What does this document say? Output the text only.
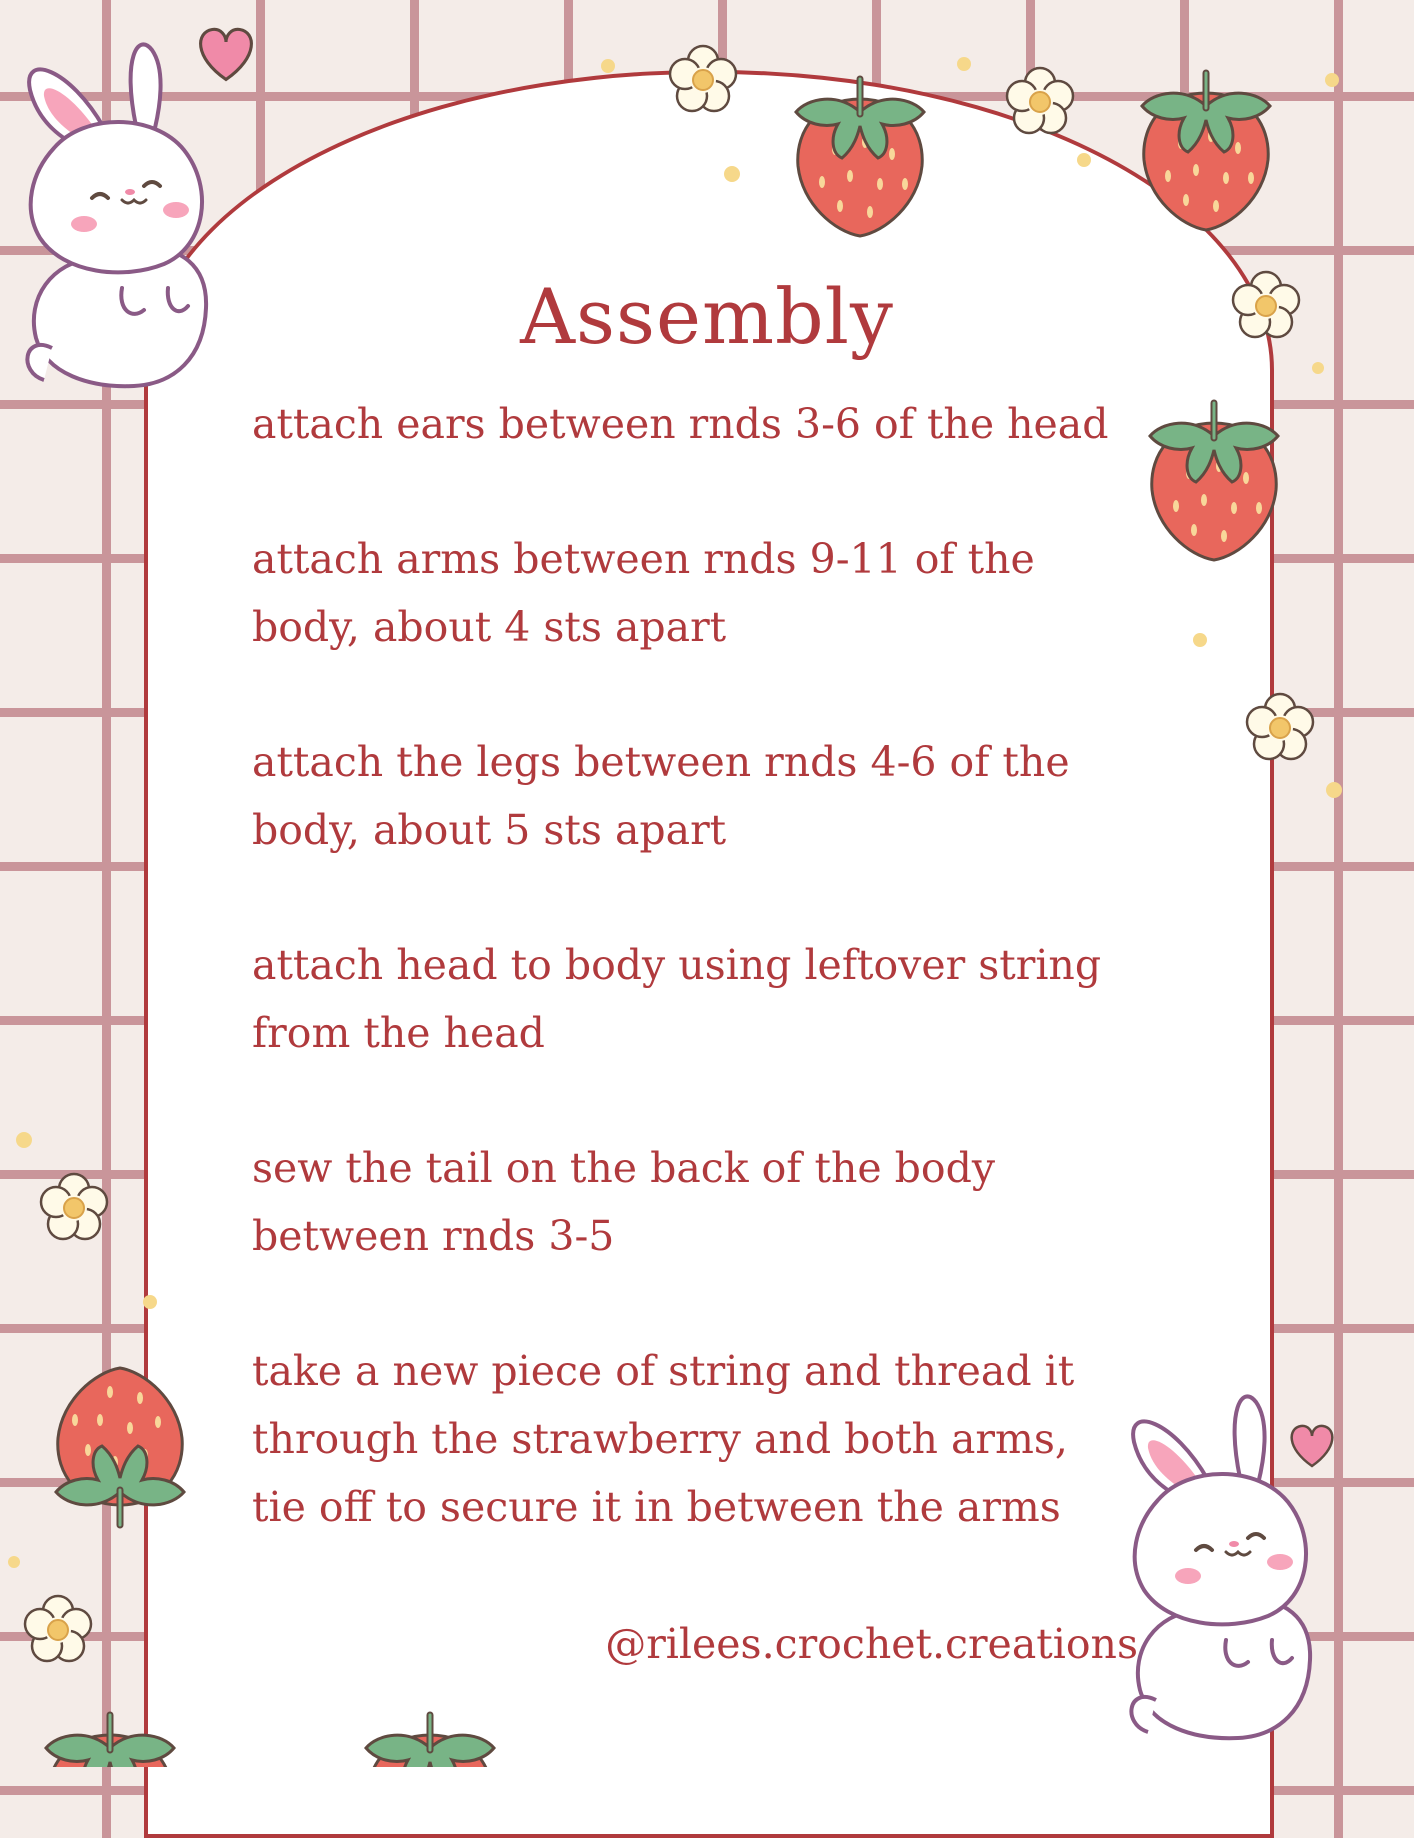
Assembly
attach ears between rnds 3-6 of the head
attach arms between rnds 9-11 of the body, about 4 sts apart
attach the legs between rnds 4-6 of the body, about 5 sts apart
attach head to body using leftover string from the head
sew the tail on the back of the body between rnds 3-5
take a new piece of string and thread it through the strawberry and both arms, tie off to secure it in between the arms

@rilees.crochet.creations
